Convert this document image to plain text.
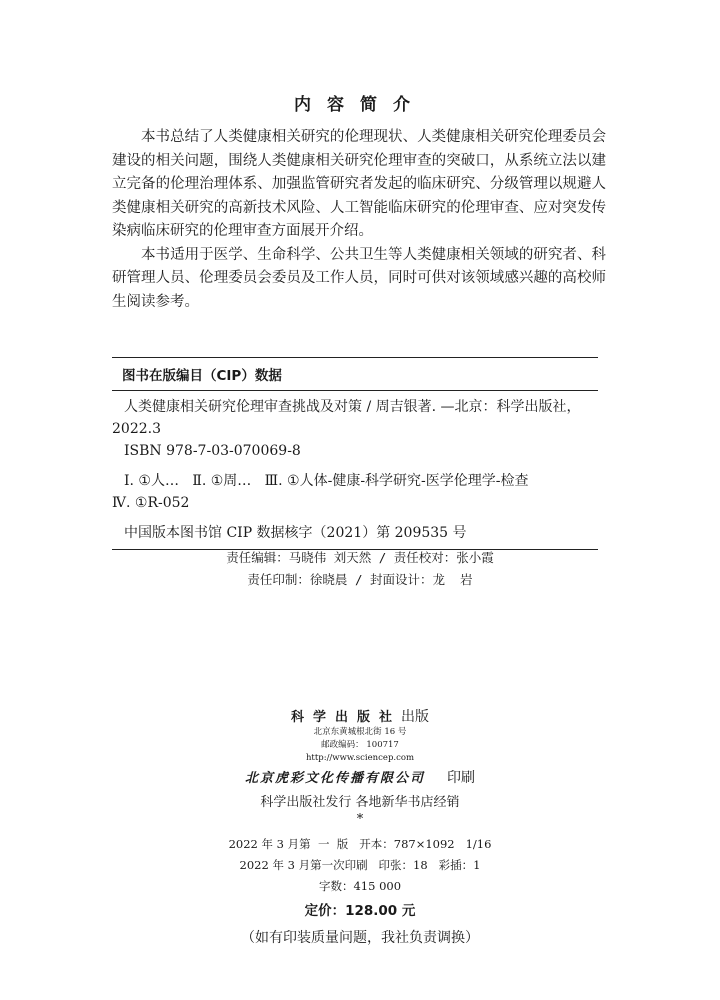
内容简介

本书总结了人类健康相关研究的伦理现状、人类健康相关研究伦理委员会建设的相关问题，围绕人类健康相关研究伦理审查的突破口，从系统立法以建立完备的伦理治理体系、加强监管研究者发起的临床研究、分级管理以规避人类健康相关研究的高新技术风险、人工智能临床研究的伦理审查、应对突发传染病临床研究的伦理审查方面展开介绍。

本书适用于医学、生命科学、公共卫生等人类健康相关领域的研究者、科研管理人员、伦理委员会委员及工作人员，同时可供对该领域感兴趣的高校师生阅读参考。

图书在版编目（CIP）数据
人类健康相关研究伦理审查挑战及对策 / 周吉银著. —北京：科学出版社，
2022.3
ISBN 978-7-03-070069-8
Ⅰ. ①人…   Ⅱ. ①周…   Ⅲ. ①人体-健康-科学研究-医学伦理学-检查
Ⅳ. ①R-052
中国版本图书馆 CIP 数据核字（2021）第 209535 号
责任编辑：马晓伟 刘天然 / 责任校对：张小霞
责任印制：徐晓晨 / 封面设计：龙  岩
科学出版社出版
北京东黄城根北街 16 号
邮政编码： 100717
http://www.sciencep.com
北京虎彩文化传播有限公司 印刷
科学出版社发行 各地新华书店经销
*
2022 年 3 月第  一  版   开本：787×1092   1/16
2022 年 3 月第一次印刷   印张：18   彩插：1
字数：415 000
定价：128.00 元
（如有印装质量问题，我社负责调换）
